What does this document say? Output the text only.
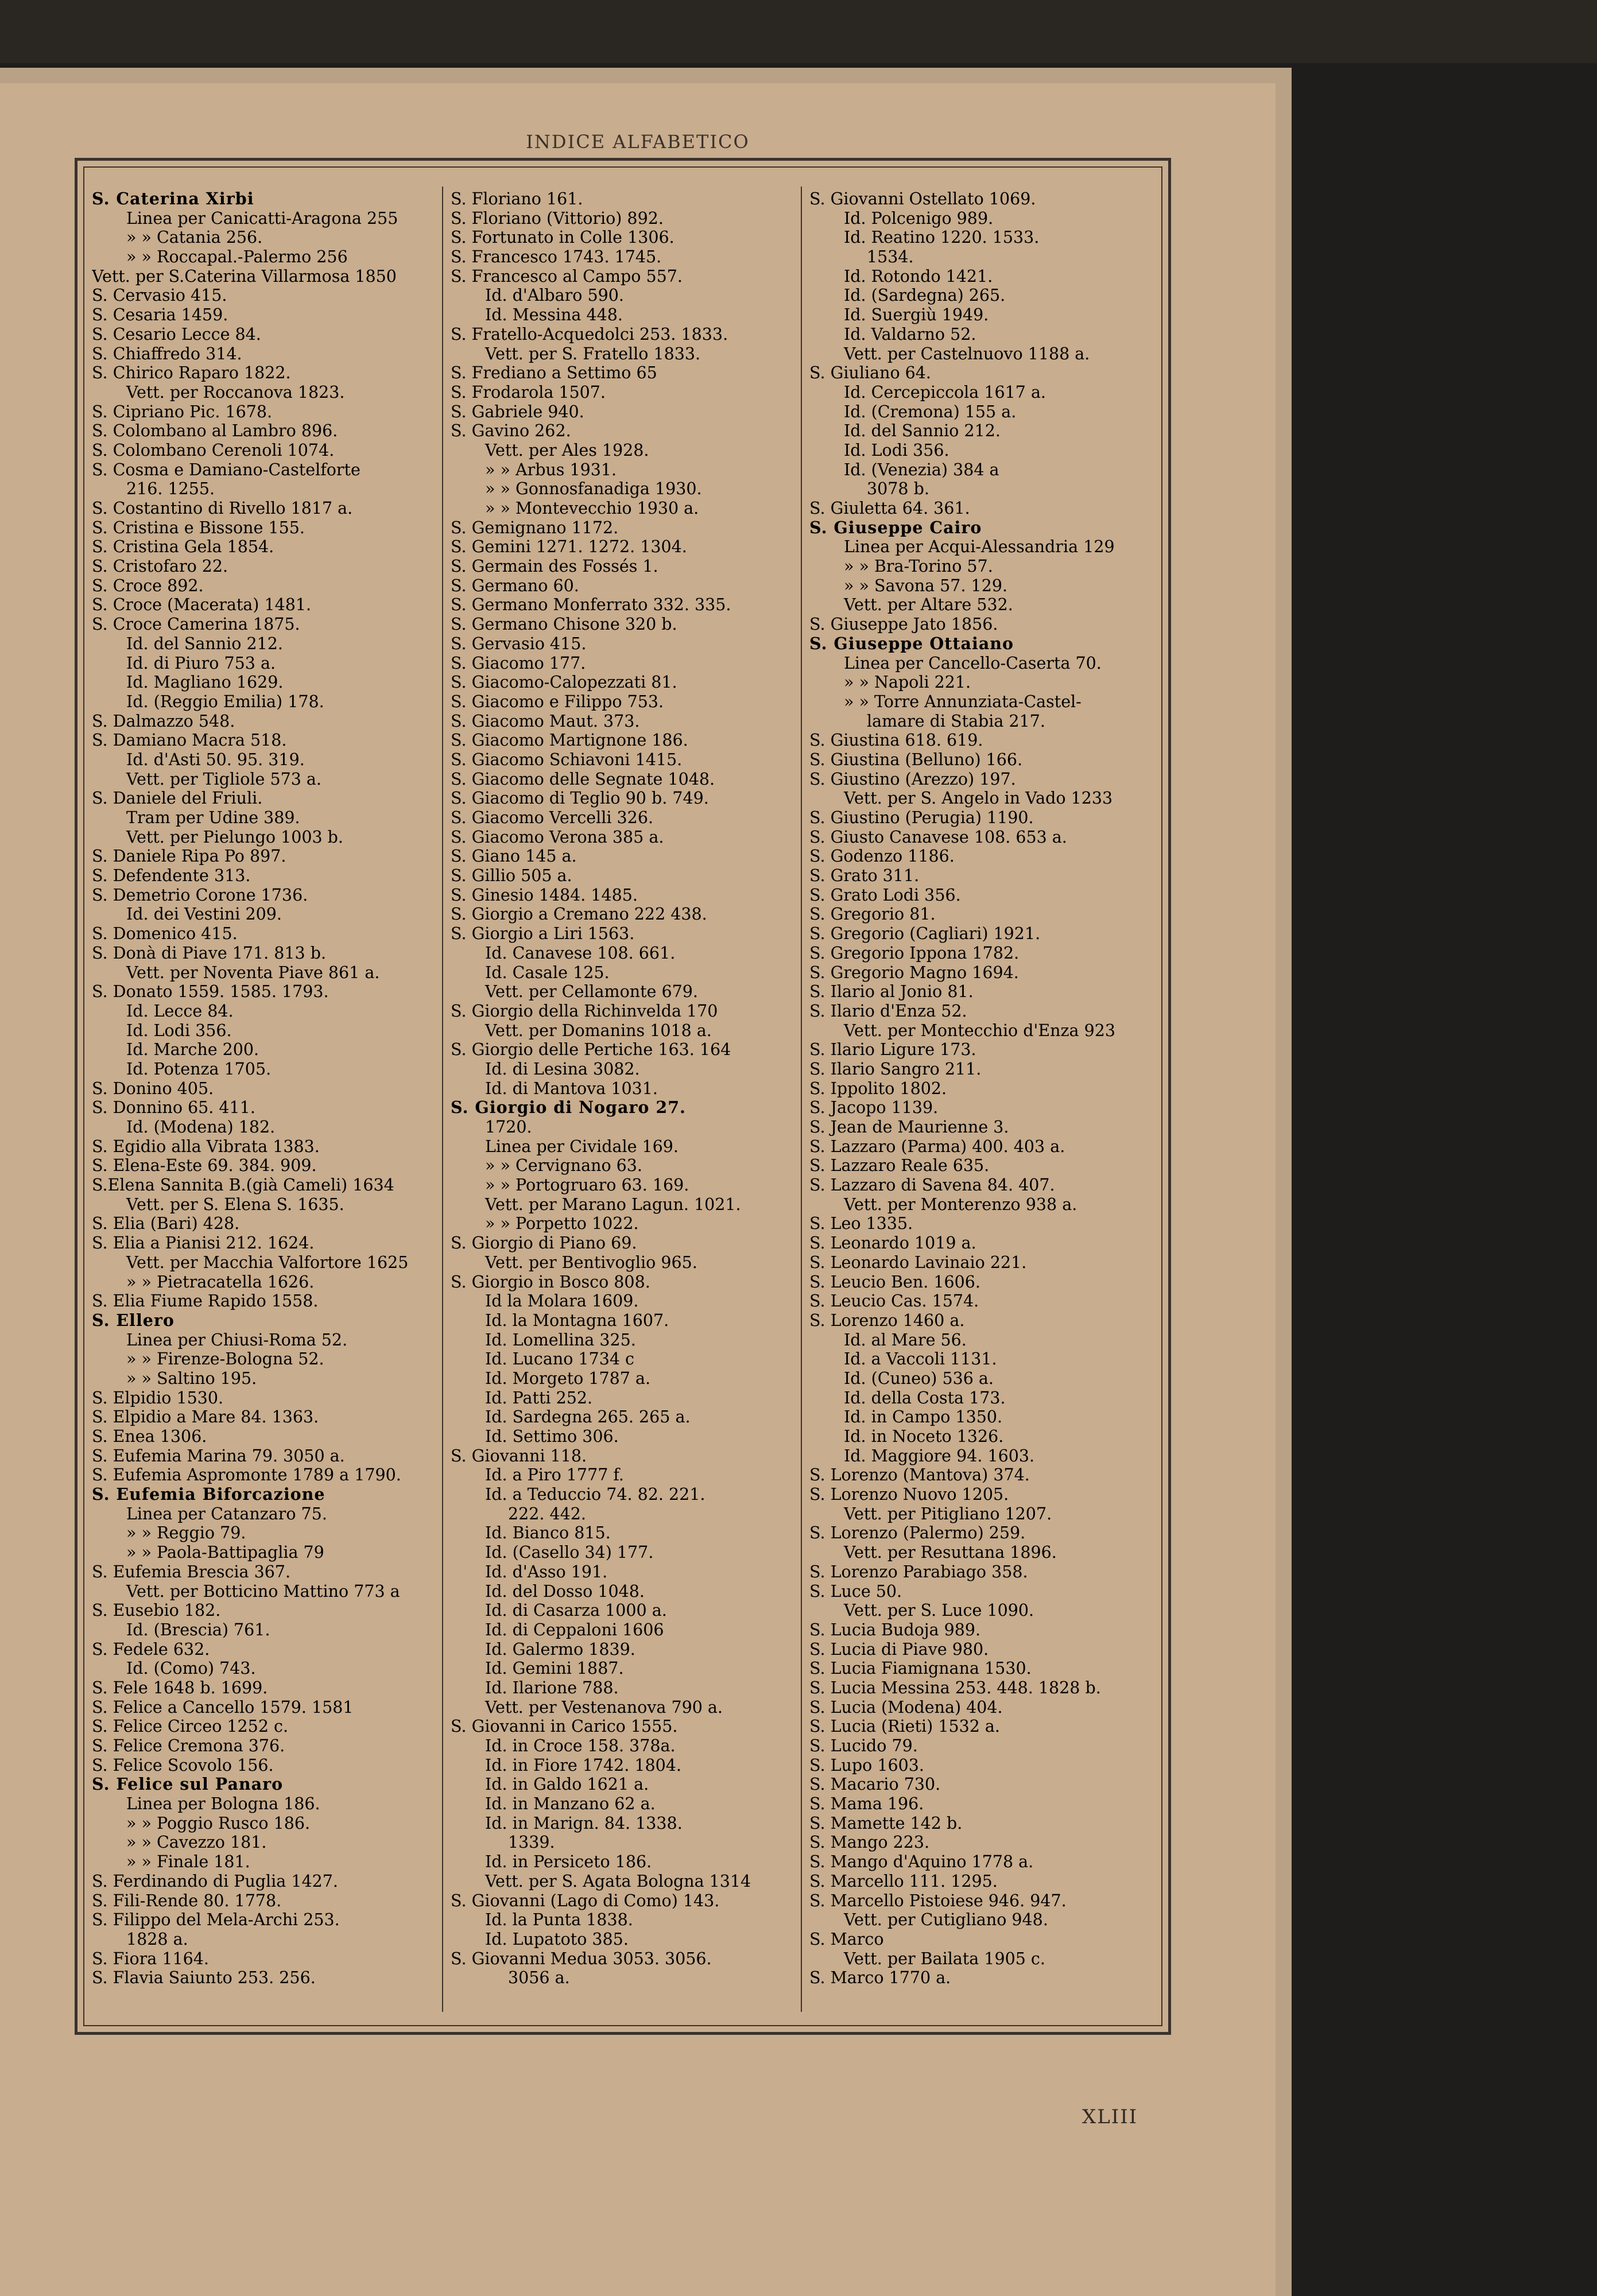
INDICE ALFABETICO
S. Caterina Xirbi
Linea per Canicatti-Aragona 255
» » Catania 256.
» » Roccapal.-Palermo 256
Vett. per S.Caterina Villarmosa 1850
S. Cervasio 415.
S. Cesaria 1459.
S. Cesario Lecce 84.
S. Chiaffredo 314.
S. Chirico Raparo 1822.
Vett. per Roccanova 1823.
S. Cipriano Pic. 1678.
S. Colombano al Lambro 896.
S. Colombano Cerenoli 1074.
S. Cosma e Damiano-Castelforte
216. 1255.
S. Costantino di Rivello 1817 a.
S. Cristina e Bissone 155.
S. Cristina Gela 1854.
S. Cristofaro 22.
S. Croce 892.
S. Croce (Macerata) 1481.
S. Croce Camerina 1875.
Id. del Sannio 212.
Id. di Piuro 753 a.
Id. Magliano 1629.
Id. (Reggio Emilia) 178.
S. Dalmazzo 548.
S. Damiano Macra 518.
Id. d'Asti 50. 95. 319.
Vett. per Tigliole 573 a.
S. Daniele del Friuli.
Tram per Udine 389.
Vett. per Pielungo 1003 b.
S. Daniele Ripa Po 897.
S. Defendente 313.
S. Demetrio Corone 1736.
Id. dei Vestini 209.
S. Domenico 415.
S. Donà di Piave 171. 813 b.
Vett. per Noventa Piave 861 a.
S. Donato 1559. 1585. 1793.
Id. Lecce 84.
Id. Lodi 356.
Id. Marche 200.
Id. Potenza 1705.
S. Donino 405.
S. Donnino 65. 411.
Id. (Modena) 182.
S. Egidio alla Vibrata 1383.
S. Elena-Este 69. 384. 909.
S.Elena Sannita B.(già Cameli) 1634
Vett. per S. Elena S. 1635.
S. Elia (Bari) 428.
S. Elia a Pianisi 212. 1624.
Vett. per Macchia Valfortore 1625
» » Pietracatella 1626.
S. Elia Fiume Rapido 1558.
S. Ellero
Linea per Chiusi-Roma 52.
» » Firenze-Bologna 52.
» » Saltino 195.
S. Elpidio 1530.
S. Elpidio a Mare 84. 1363.
S. Enea 1306.
S. Eufemia Marina 79. 3050 a.
S. Eufemia Aspromonte 1789 a 1790.
S. Eufemia Biforcazione
Linea per Catanzaro 75.
» » Reggio 79.
» » Paola-Battipaglia 79
S. Eufemia Brescia 367.
Vett. per Botticino Mattino 773 a
S. Eusebio 182.
Id. (Brescia) 761.
S. Fedele 632.
Id. (Como) 743.
S. Fele 1648 b. 1699.
S. Felice a Cancello 1579. 1581
S. Felice Circeo 1252 c.
S. Felice Cremona 376.
S. Felice Scovolo 156.
S. Felice sul Panaro
Linea per Bologna 186.
» » Poggio Rusco 186.
» » Cavezzo 181.
» » Finale 181.
S. Ferdinando di Puglia 1427.
S. Fili-Rende 80. 1778.
S. Filippo del Mela-Archi 253.
1828 a.
S. Fiora 1164.
S. Flavia Saiunto 253. 256.
S. Floriano 161.
S. Floriano (Vittorio) 892.
S. Fortunato in Colle 1306.
S. Francesco 1743. 1745.
S. Francesco al Campo 557.
Id. d'Albaro 590.
Id. Messina 448.
S. Fratello-Acquedolci 253. 1833.
Vett. per S. Fratello 1833.
S. Frediano a Settimo 65
S. Frodarola 1507.
S. Gabriele 940.
S. Gavino 262.
Vett. per Ales 1928.
» » Arbus 1931.
» » Gonnosfanadiga 1930.
» » Montevecchio 1930 a.
S. Gemignano 1172.
S. Gemini 1271. 1272. 1304.
S. Germain des Fossés 1.
S. Germano 60.
S. Germano Monferrato 332. 335.
S. Germano Chisone 320 b.
S. Gervasio 415.
S. Giacomo 177.
S. Giacomo-Calopezzati 81.
S. Giacomo e Filippo 753.
S. Giacomo Maut. 373.
S. Giacomo Martignone 186.
S. Giacomo Schiavoni 1415.
S. Giacomo delle Segnate 1048.
S. Giacomo di Teglio 90 b. 749.
S. Giacomo Vercelli 326.
S. Giacomo Verona 385 a.
S. Giano 145 a.
S. Gillio 505 a.
S. Ginesio 1484. 1485.
S. Giorgio a Cremano 222 438.
S. Giorgio a Liri 1563.
Id. Canavese 108. 661.
Id. Casale 125.
Vett. per Cellamonte 679.
S. Giorgio della Richinvelda 170
Vett. per Domanins 1018 a.
S. Giorgio delle Pertiche 163. 164
Id. di Lesina 3082.
Id. di Mantova 1031.
S. Giorgio di Nogaro 27.
1720.
Linea per Cividale 169.
» » Cervignano 63.
» » Portogruaro 63. 169.
Vett. per Marano Lagun. 1021.
» » Porpetto 1022.
S. Giorgio di Piano 69.
Vett. per Bentivoglio 965.
S. Giorgio in Bosco 808.
Id la Molara 1609.
Id. la Montagna 1607.
Id. Lomellina 325.
Id. Lucano 1734 c
Id. Morgeto 1787 a.
Id. Patti 252.
Id. Sardegna 265. 265 a.
Id. Settimo 306.
S. Giovanni 118.
Id. a Piro 1777 f.
Id. a Teduccio 74. 82. 221.
222. 442.
Id. Bianco 815.
Id. (Casello 34) 177.
Id. d'Asso 191.
Id. del Dosso 1048.
Id. di Casarza 1000 a.
Id. di Ceppaloni 1606
Id. Galermo 1839.
Id. Gemini 1887.
Id. Ilarione 788.
Vett. per Vestenanova 790 a.
S. Giovanni in Carico 1555.
Id. in Croce 158. 378a.
Id. in Fiore 1742. 1804.
Id. in Galdo 1621 a.
Id. in Manzano 62 a.
Id. in Marign. 84. 1338.
1339.
Id. in Persiceto 186.
Vett. per S. Agata Bologna 1314
S. Giovanni (Lago di Como) 143.
Id. la Punta 1838.
Id. Lupatoto 385.
S. Giovanni Medua 3053. 3056.
3056 a.
S. Giovanni Ostellato 1069.
Id. Polcenigo 989.
Id. Reatino 1220. 1533.
1534.
Id. Rotondo 1421.
Id. (Sardegna) 265.
Id. Suergiù 1949.
Id. Valdarno 52.
Vett. per Castelnuovo 1188 a.
S. Giuliano 64.
Id. Cercepiccola 1617 a.
Id. (Cremona) 155 a.
Id. del Sannio 212.
Id. Lodi 356.
Id. (Venezia) 384 a
3078 b.
S. Giuletta 64. 361.
S. Giuseppe Cairo
Linea per Acqui-Alessandria 129
» » Bra-Torino 57.
» » Savona 57. 129.
Vett. per Altare 532.
S. Giuseppe Jato 1856.
S. Giuseppe Ottaiano
Linea per Cancello-Caserta 70.
» » Napoli 221.
» » Torre Annunziata-Castel-
lamare di Stabia 217.
S. Giustina 618. 619.
S. Giustina (Belluno) 166.
S. Giustino (Arezzo) 197.
Vett. per S. Angelo in Vado 1233
S. Giustino (Perugia) 1190.
S. Giusto Canavese 108. 653 a.
S. Godenzo 1186.
S. Grato 311.
S. Grato Lodi 356.
S. Gregorio 81.
S. Gregorio (Cagliari) 1921.
S. Gregorio Ippona 1782.
S. Gregorio Magno 1694.
S. Ilario al Jonio 81.
S. Ilario d'Enza 52.
Vett. per Montecchio d'Enza 923
S. Ilario Ligure 173.
S. Ilario Sangro 211.
S. Ippolito 1802.
S. Jacopo 1139.
S. Jean de Maurienne 3.
S. Lazzaro (Parma) 400. 403 a.
S. Lazzaro Reale 635.
S. Lazzaro di Savena 84. 407.
Vett. per Monterenzo 938 a.
S. Leo 1335.
S. Leonardo 1019 a.
S. Leonardo Lavinaio 221.
S. Leucio Ben. 1606.
S. Leucio Cas. 1574.
S. Lorenzo 1460 a.
Id. al Mare 56.
Id. a Vaccoli 1131.
Id. (Cuneo) 536 a.
Id. della Costa 173.
Id. in Campo 1350.
Id. in Noceto 1326.
Id. Maggiore 94. 1603.
S. Lorenzo (Mantova) 374.
S. Lorenzo Nuovo 1205.
Vett. per Pitigliano 1207.
S. Lorenzo (Palermo) 259.
Vett. per Resuttana 1896.
S. Lorenzo Parabiago 358.
S. Luce 50.
Vett. per S. Luce 1090.
S. Lucia Budoja 989.
S. Lucia di Piave 980.
S. Lucia Fiamignana 1530.
S. Lucia Messina 253. 448. 1828 b.
S. Lucia (Modena) 404.
S. Lucia (Rieti) 1532 a.
S. Lucido 79.
S. Lupo 1603.
S. Macario 730.
S. Mama 196.
S. Mamette 142 b.
S. Mango 223.
S. Mango d'Aquino 1778 a.
S. Marcello 111. 1295.
S. Marcello Pistoiese 946. 947.
Vett. per Cutigliano 948.
S. Marco
Vett. per Bailata 1905 c.
S. Marco 1770 a.
XLIII
